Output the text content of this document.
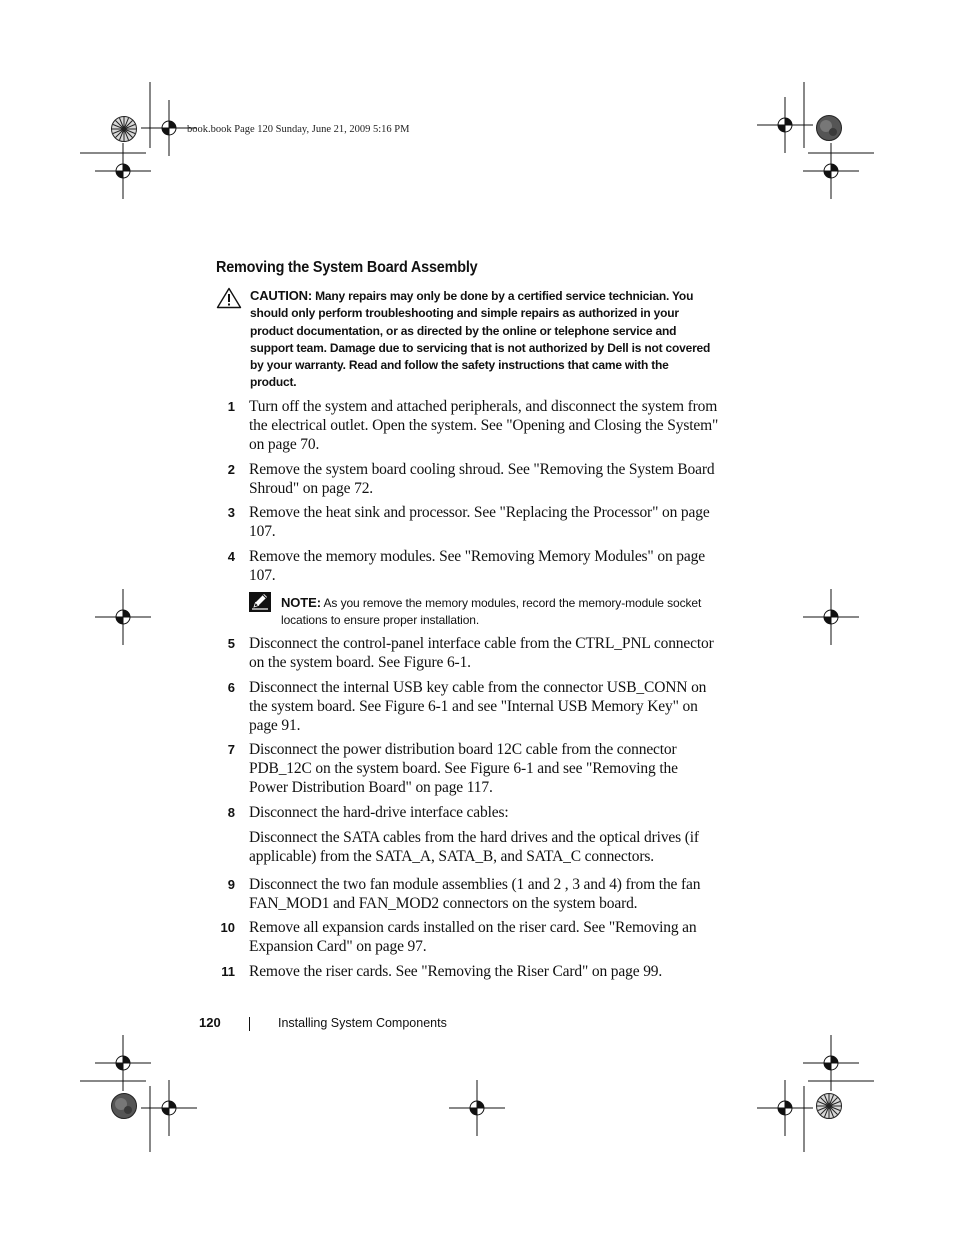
book.book Page 120 Sunday, June 21, 2009 5:16 PM
Removing the System Board Assembly
CAUTION: Many repairs may only be done by a certified service technician. You should only perform troubleshooting and simple repairs as authorized in your product documentation, or as directed by the online or telephone service and support team. Damage due to servicing that is not authorized by Dell is not covered by your warranty. Read and follow the safety instructions that came with the product.
1 Turn off the system and attached peripherals, and disconnect the system from the electrical outlet. Open the system. See "Opening and Closing the System" on page 70.
2 Remove the system board cooling shroud. See "Removing the System Board Shroud" on page 72.
3 Remove the heat sink and processor. See "Replacing the Processor" on page 107.
4 Remove the memory modules. See "Removing Memory Modules" on page 107.
5 Disconnect the control-panel interface cable from the CTRL_PNL connector on the system board. See Figure 6-1.
6 Disconnect the internal USB key cable from the connector USB_CONN on the system board. See Figure 6-1 and see "Internal USB Memory Key" on page 91.
7 Disconnect the power distribution board 12C cable from the connector PDB_12C on the system board. See Figure 6-1 and see "Removing the Power Distribution Board" on page 117.
8 Disconnect the hard-drive interface cables:
9 Disconnect the two fan module assemblies (1 and 2 , 3 and 4) from the fan FAN_MOD1 and FAN_MOD2 connectors on the system board.
10 Remove all expansion cards installed on the riser card. See "Removing an Expansion Card" on page 97.
11 Remove the riser cards. See "Removing the Riser Card" on page 99.
NOTE: As you remove the memory modules, record the memory-module socket locations to ensure proper installation.
Disconnect the SATA cables from the hard drives and the optical drives (if applicable) from the SATA_A, SATA_B, and SATA_C connectors.
120	Installing System Components
